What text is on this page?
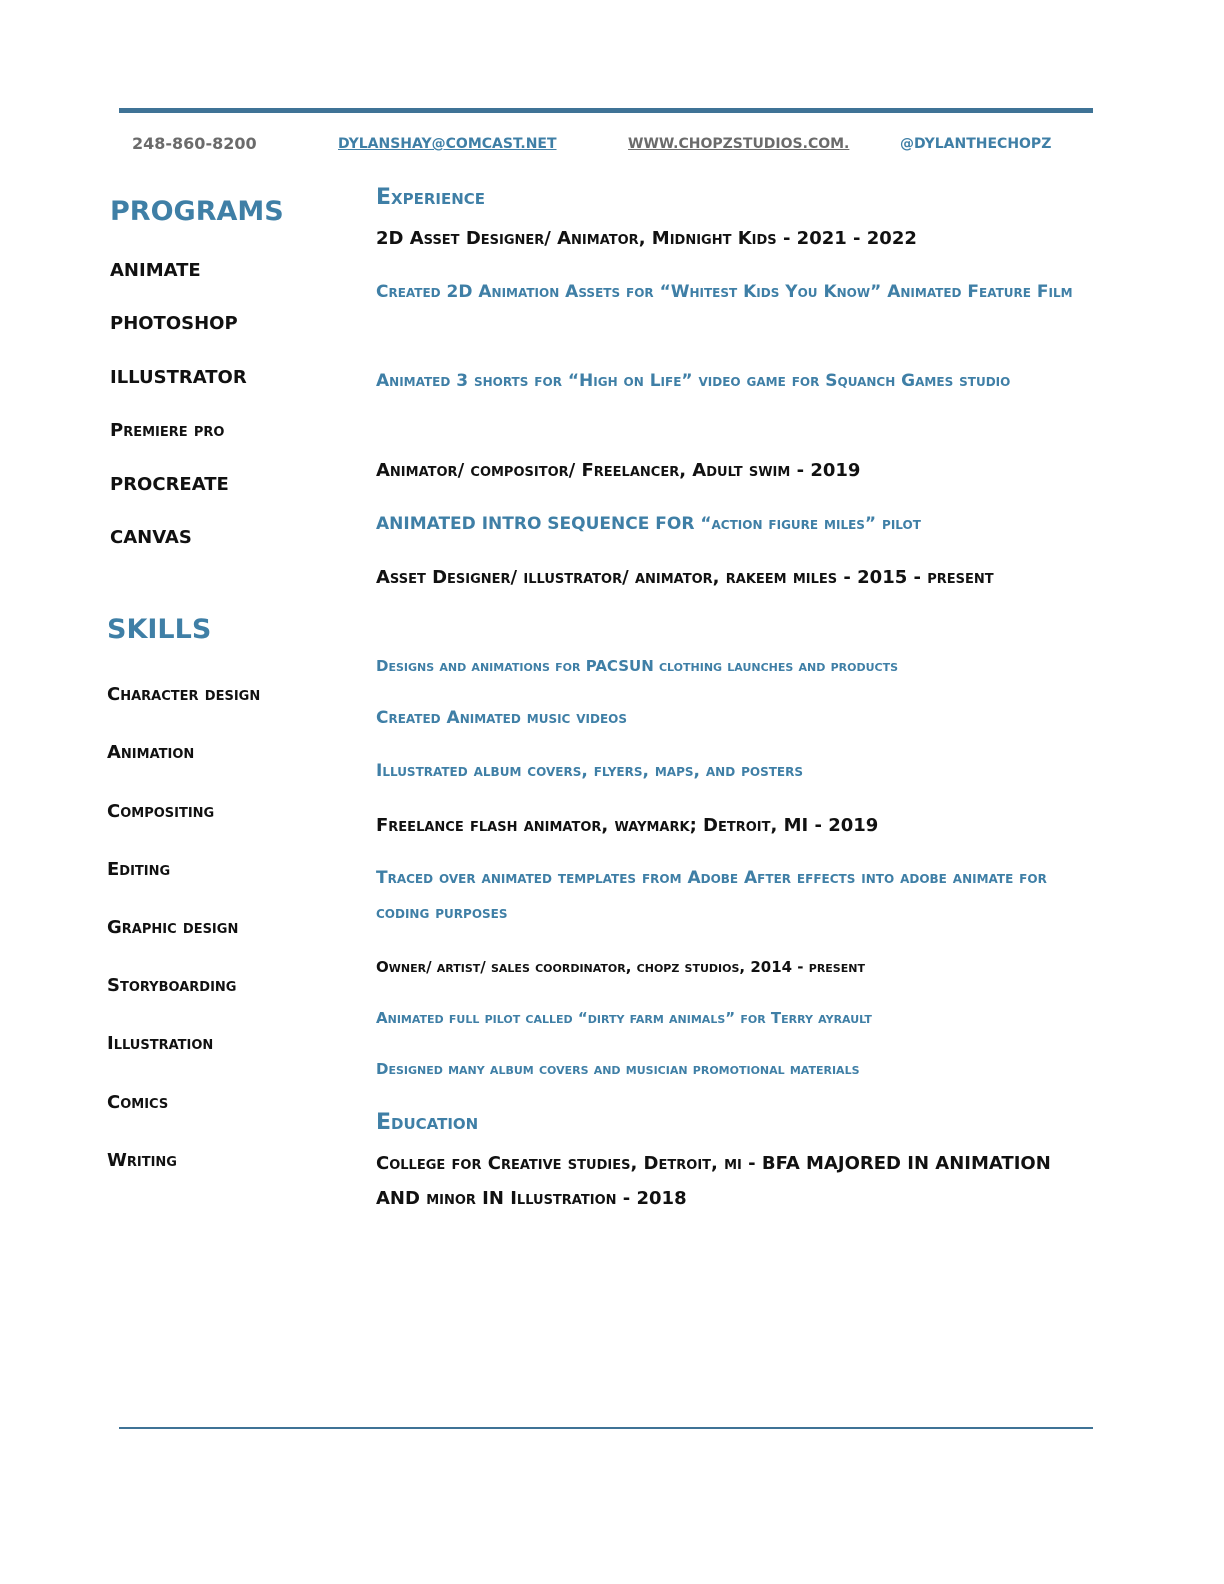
248-860-8200	DYLANSHAY@COMCAST.NET	WWW.CHOPZSTUDIOS.COM.	@DYLANTHECHOPZ
PROGRAMS
ANIMATE
PHOTOSHOP
ILLUSTRATOR
Premiere pro
PROCREATE
CANVAS
SKILLS
Character design
Animation
Compositing
Editing
Graphic design
Storyboarding
Illustration
Comics
Writing
Experience
2D Asset Designer/ Animator, Midnight Kids - 2021 - 2022
Created 2D Animation Assets for “Whitest Kids You Know” Animated Feature Film
Animated 3 shorts for “High on Life” video game for Squanch Games studio
Animator/ compositor/ Freelancer, Adult swim - 2019
ANIMATED INTRO SEQUENCE FOR “action figure miles” pilot
Asset Designer/ illustrator/ animator, rakeem miles - 2015 - present
Designs and animations for PACSUN clothing launches and products
Created Animated music videos
Illustrated album covers, flyers, maps, and posters
Freelance flash animator, waymark; Detroit, MI - 2019
Traced over animated templates from Adobe After effects into adobe animate for coding purposes
Owner/ artist/ sales coordinator, chopz studios, 2014 - present
Animated full pilot called “dirty farm animals” for Terry ayrault
Designed many album covers and musician promotional materials
Education
College for Creative studies, Detroit, mi - BFA MAJORED IN ANIMATION AND minor IN Illustration - 2018
